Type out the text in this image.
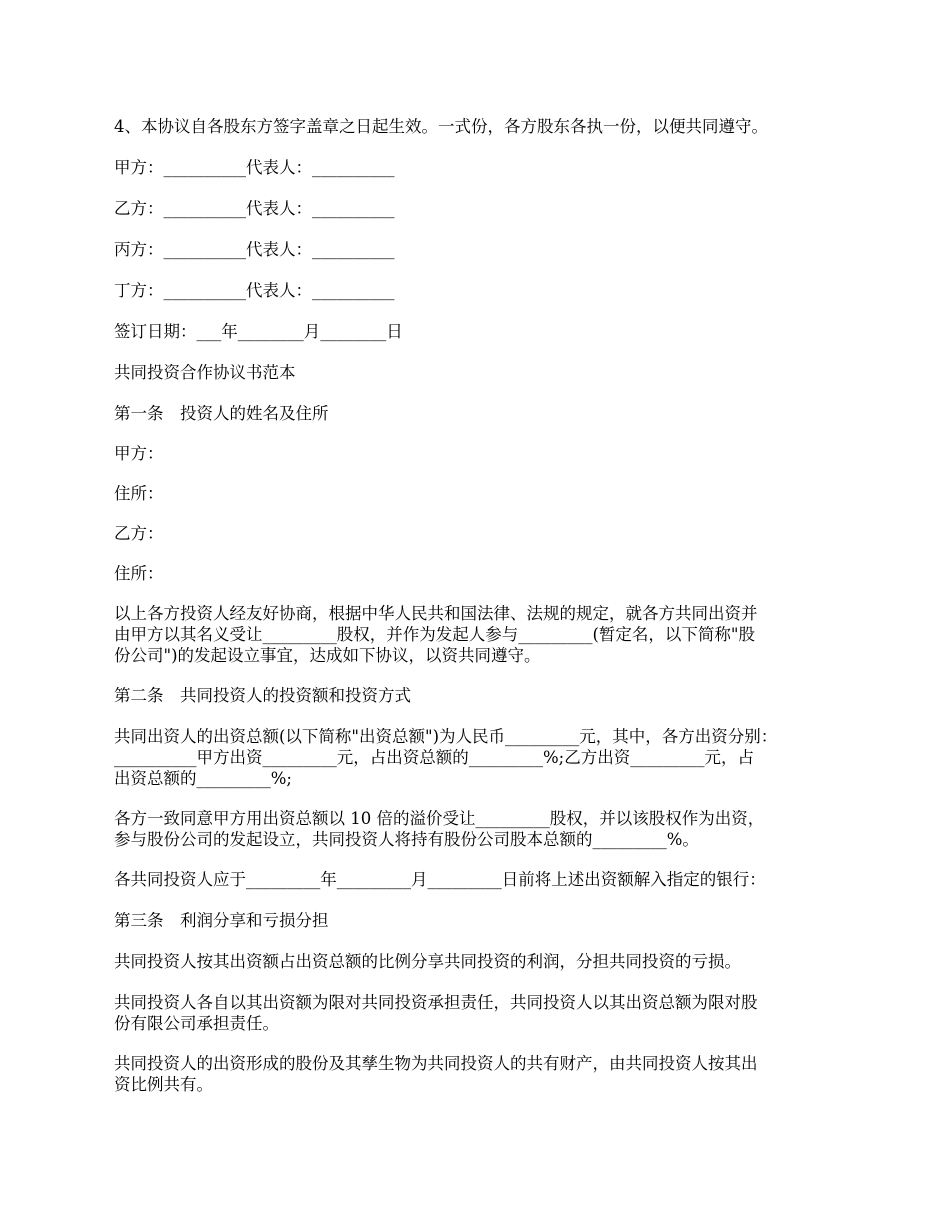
4、本协议自各股东方签字盖章之日起生效。一式份，各方股东各执一份，以便共同遵守。

甲方：__________代表人：__________

乙方：__________代表人：__________

丙方：__________代表人：__________

丁方：__________代表人：__________

签订日期：___年________月________日

共同投资合作协议书范本

第一条　投资人的姓名及住所

甲方：

住所：

乙方：

住所：

以上各方投资人经友好协商，根据中华人民共和国法律、法规的规定，就各方共同出资并
由甲方以其名义受让_________股权，并作为发起人参与_________(暂定名，以下简称"股
份公司")的发起设立事宜，达成如下协议，以资共同遵守。

第二条　共同投资人的投资额和投资方式

共同出资人的出资总额(以下简称"出资总额")为人民币_________元，其中，各方出资分别：
__________甲方出资_________元，占出资总额的_________%;乙方出资_________元，占
出资总额的_________%;

各方一致同意甲方用出资总额以 10 倍的溢价受让_________股权，并以该股权作为出资，
参与股份公司的发起设立，共同投资人将持有股份公司股本总额的_________%。

各共同投资人应于_________年_________月_________日前将上述出资额解入指定的银行：

第三条　利润分享和亏损分担

共同投资人按其出资额占出资总额的比例分享共同投资的利润，分担共同投资的亏损。

共同投资人各自以其出资额为限对共同投资承担责任，共同投资人以其出资总额为限对股
份有限公司承担责任。

共同投资人的出资形成的股份及其孳生物为共同投资人的共有财产，由共同投资人按其出
资比例共有。
